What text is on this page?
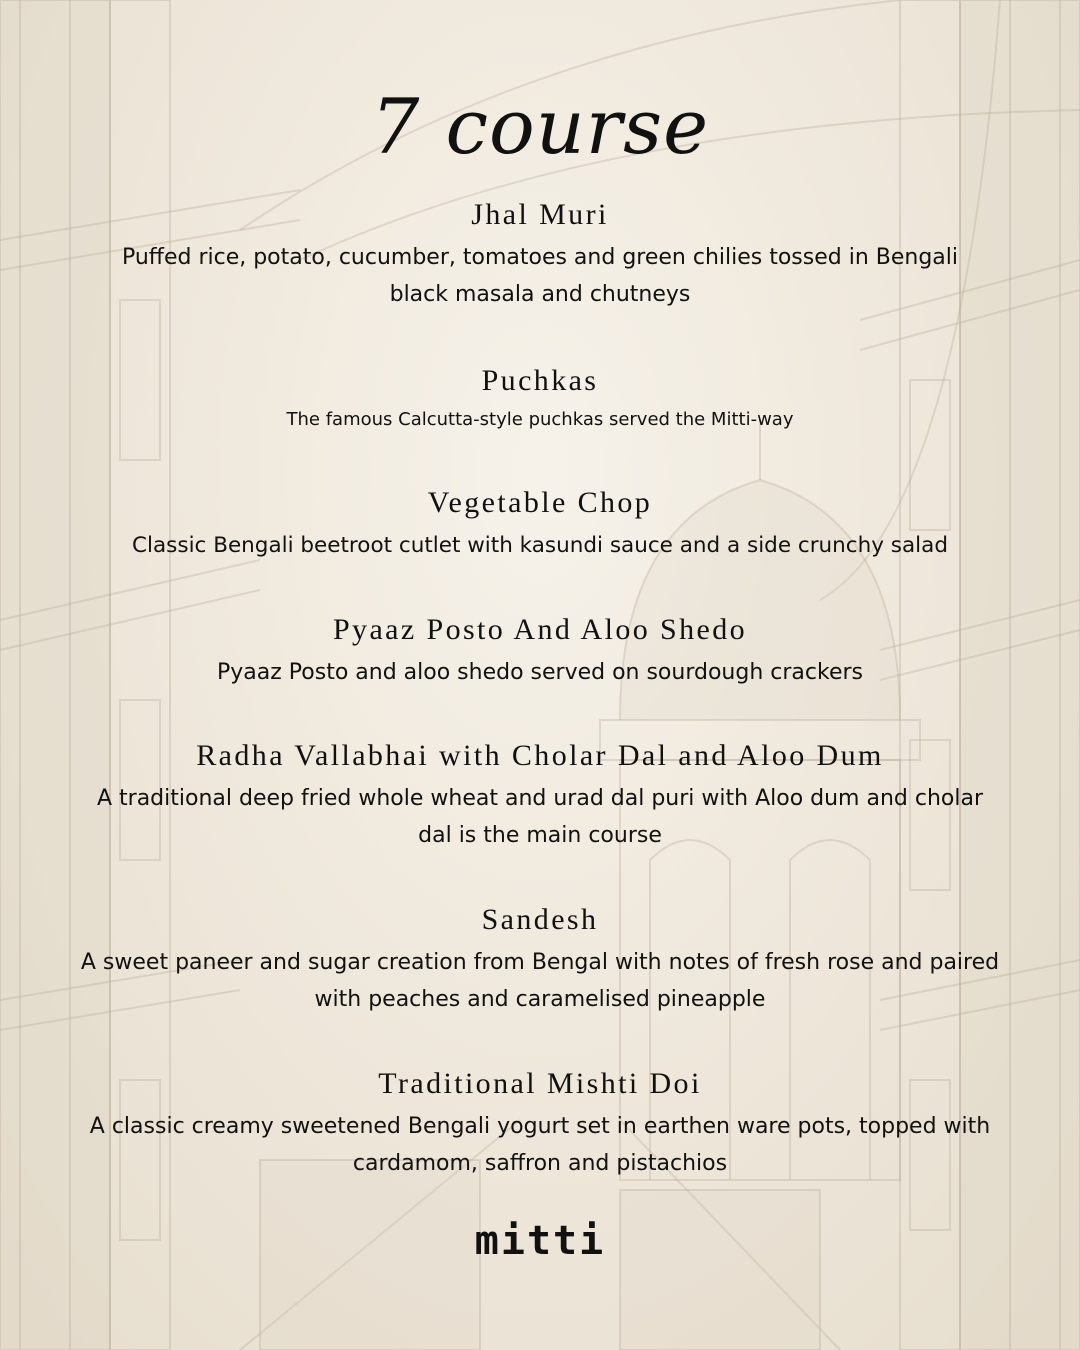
7 course
Jhal Muri

Puffed rice, potato, cucumber, tomatoes and green chilies tossed in Bengali black masala and chutneys

Puchkas

The famous Calcutta-style puchkas served the Mitti-way

Vegetable Chop

Classic Bengali beetroot cutlet with kasundi sauce and a side crunchy salad

Pyaaz Posto And Aloo Shedo

Pyaaz Posto and aloo shedo served on sourdough crackers

Radha Vallabhai with Cholar Dal and Aloo Dum

A traditional deep fried whole wheat and urad dal puri with Aloo dum and cholar dal is the main course

Sandesh

A sweet paneer and sugar creation from Bengal with notes of fresh rose and paired with peaches and caramelised pineapple

Traditional Mishti Doi

A classic creamy sweetened Bengali yogurt set in earthen ware pots, topped with cardamom, saffron and pistachios

mitti
